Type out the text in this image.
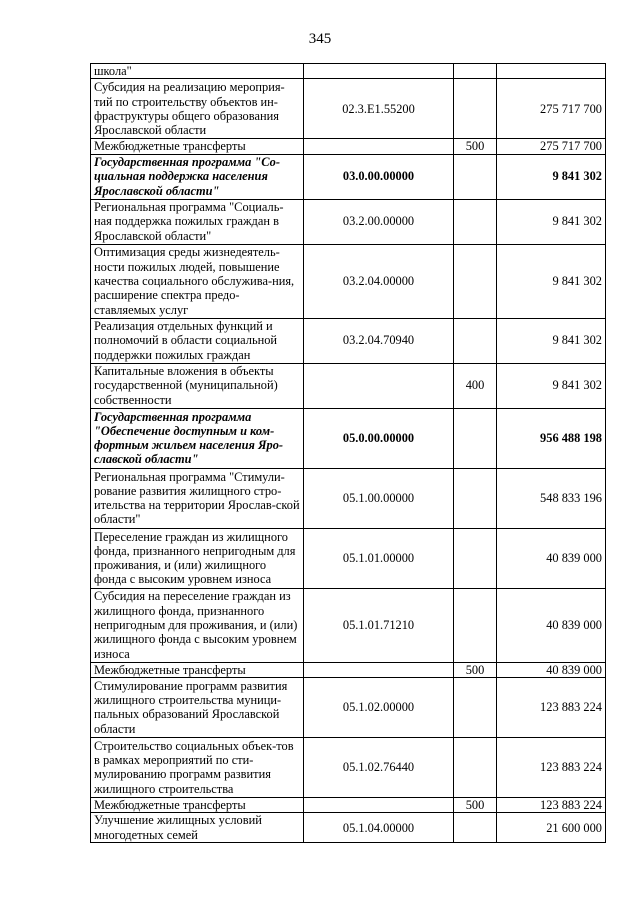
345
школа"			
Субсидия на реализацию мероприя-тий по строительству объектов ин-фраструктуры общего образования Ярославской области	02.3.E1.55200		275 717 700
Межбюджетные трансферты		500	275 717 700
Государственная программа "Со-циальная поддержка населения Ярославской области"	03.0.00.00000		9 841 302
Региональная программа "Социаль-ная поддержка пожилых граждан в Ярославской области"	03.2.00.00000		9 841 302
Оптимизация среды жизнедеятель-ности пожилых людей, повышение качества социального обслужива-ния, расширение спектра предо-ставляемых услуг	03.2.04.00000		9 841 302
Реализация отдельных функций и полномочий в области социальной поддержки пожилых граждан	03.2.04.70940		9 841 302
Капитальные вложения в объекты государственной (муниципальной) собственности		400	9 841 302
Государственная программа "Обеспечение доступным и ком-фортным жильем населения Яро-славской области"	05.0.00.00000		956 488 198
Региональная программа "Стимули-рование развития жилищного стро-ительства на территории Ярослав-ской области"	05.1.00.00000		548 833 196
Переселение граждан из жилищного фонда, признанного непригодным для проживания, и (или) жилищного фонда с высоким уровнем износа	05.1.01.00000		40 839 000
Субсидия на переселение граждан из жилищного фонда, признанного непригодным для проживания, и (или) жилищного фонда с высоким уровнем износа	05.1.01.71210		40 839 000
Межбюджетные трансферты		500	40 839 000
Стимулирование программ развития жилищного строительства муници-пальных образований Ярославской области	05.1.02.00000		123 883 224
Строительство социальных объек-тов в рамках мероприятий по сти-мулированию программ развития жилищного строительства	05.1.02.76440		123 883 224
Межбюджетные трансферты		500	123 883 224
Улучшение жилищных условий многодетных семей	05.1.04.00000		21 600 000
